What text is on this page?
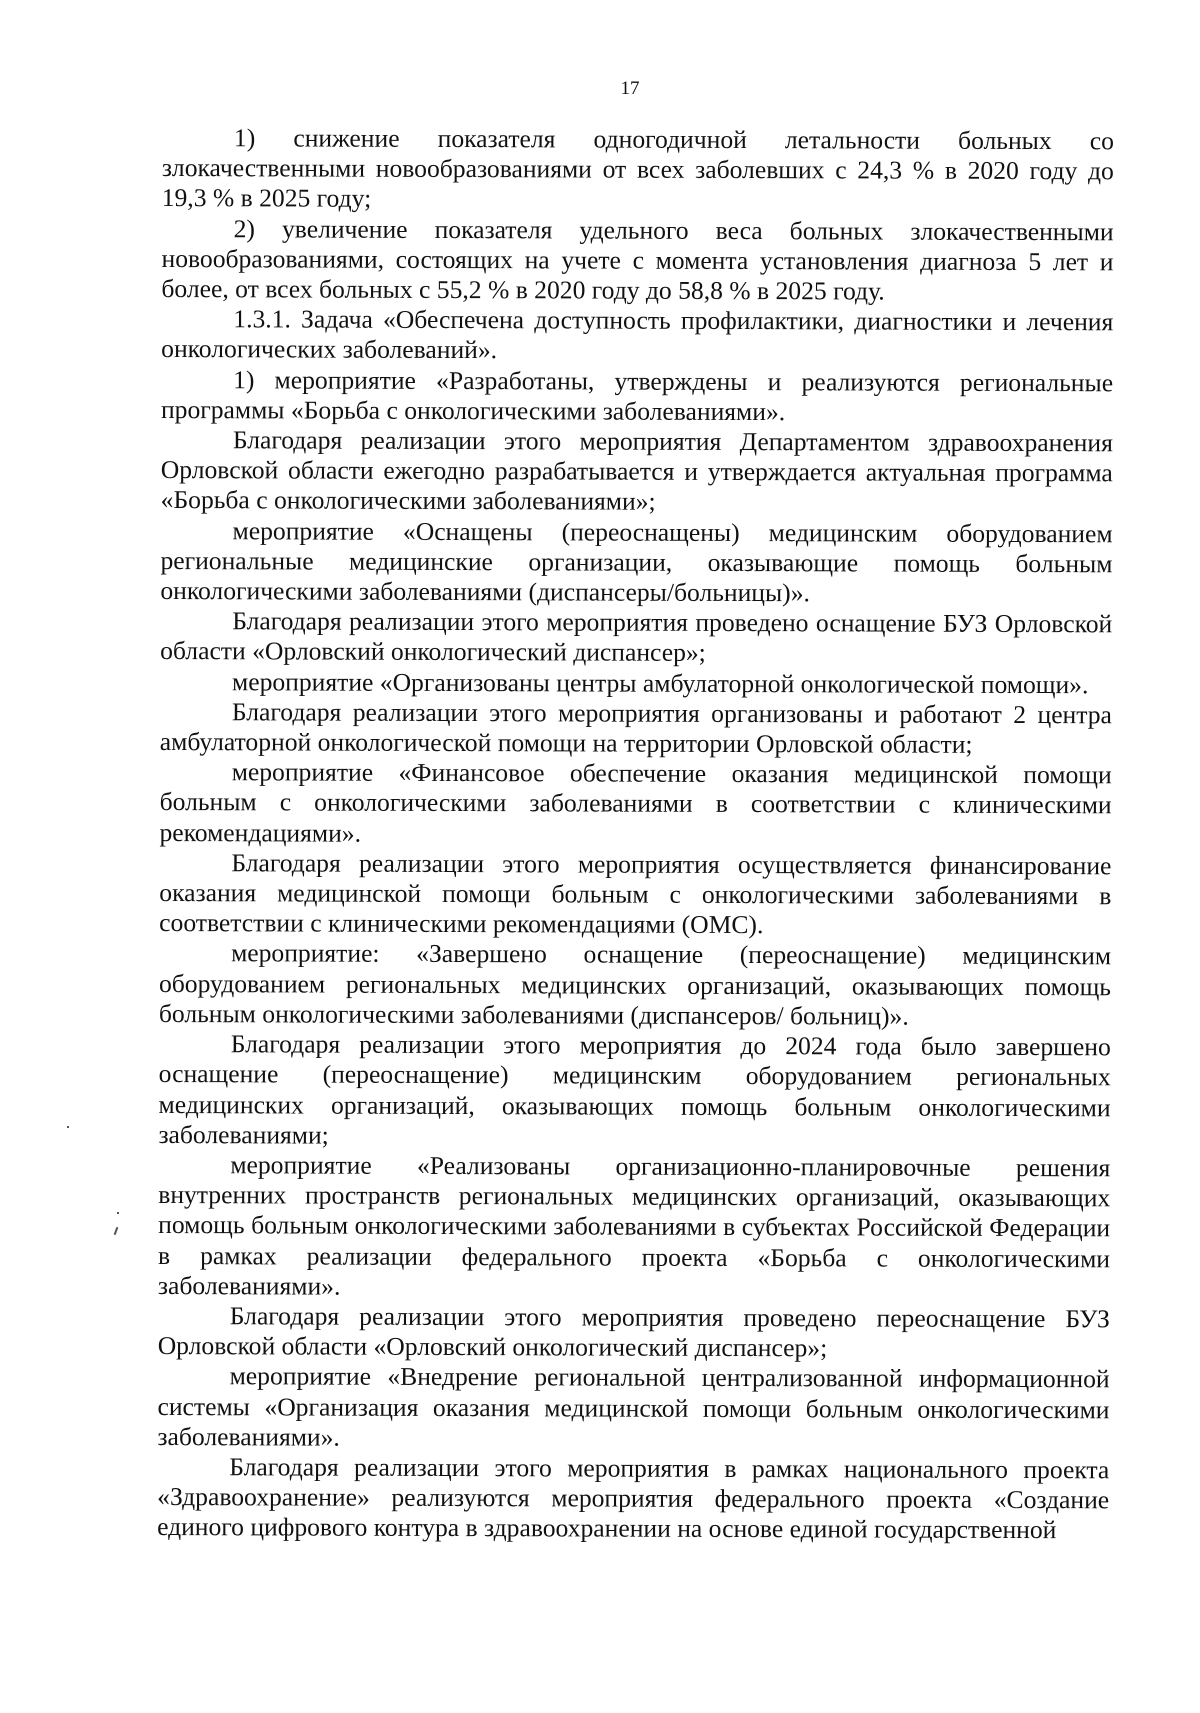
17

1) снижение показателя одногодичной летальности больных со злокачественными новообразованиями от всех заболевших с 24,3 % в 2020 году до 19,3 % в 2025 году;

2) увеличение показателя удельного веса больных злокачественными новообразованиями, состоящих на учете с момента установления диагноза 5 лет и более, от всех больных с 55,2 % в 2020 году до 58,8 % в 2025 году.

1.3.1. Задача «Обеспечена доступность профилактики, диагностики и лечения онкологических заболеваний».

1) мероприятие «Разработаны, утверждены и реализуются региональные программы «Борьба с онкологическими заболеваниями».

Благодаря реализации этого мероприятия Департаментом здравоохранения Орловской области ежегодно разрабатывается и утверждается актуальная программа «Борьба с онкологическими заболеваниями»;

мероприятие «Оснащены (переоснащены) медицинским оборудованием региональные медицинские организации, оказывающие помощь больным онкологическими заболеваниями (диспансеры/больницы)».

Благодаря реализации этого мероприятия проведено оснащение БУЗ Орловской области «Орловский онкологический диспансер»;

мероприятие «Организованы центры амбулаторной онкологической помощи».

Благодаря реализации этого мероприятия организованы и работают 2 центра амбулаторной онкологической помощи на территории Орловской области;

мероприятие «Финансовое обеспечение оказания медицинской помощи больным с онкологическими заболеваниями в соответствии с клиническими рекомендациями».

Благодаря реализации этого мероприятия осуществляется финансирование оказания медицинской помощи больным с онкологическими заболеваниями в соответствии с клиническими рекомендациями (ОМС).

мероприятие: «Завершено оснащение (переоснащение) медицинским оборудованием региональных медицинских организаций, оказывающих помощь больным онкологическими заболеваниями (диспансеров/ больниц)».

Благодаря реализации этого мероприятия до 2024 года было завершено оснащение (переоснащение) медицинским оборудованием региональных медицинских организаций, оказывающих помощь больным онкологическими заболеваниями;

мероприятие «Реализованы организационно-планировочные решения внутренних пространств региональных медицинских организаций, оказывающих помощь больным онкологическими заболеваниями в субъектах Российской Федерации в рамках реализации федерального проекта «Борьба с онкологическими заболеваниями».

Благодаря реализации этого мероприятия проведено переоснащение БУЗ Орловской области «Орловский онкологический диспансер»;

мероприятие «Внедрение региональной централизованной информационной системы «Организация оказания медицинской помощи больным онкологическими заболеваниями».

Благодаря реализации этого мероприятия в рамках национального проекта «Здравоохранение» реализуются мероприятия федерального проекта «Создание единого цифрового контура в здравоохранении на основе единой государственной
